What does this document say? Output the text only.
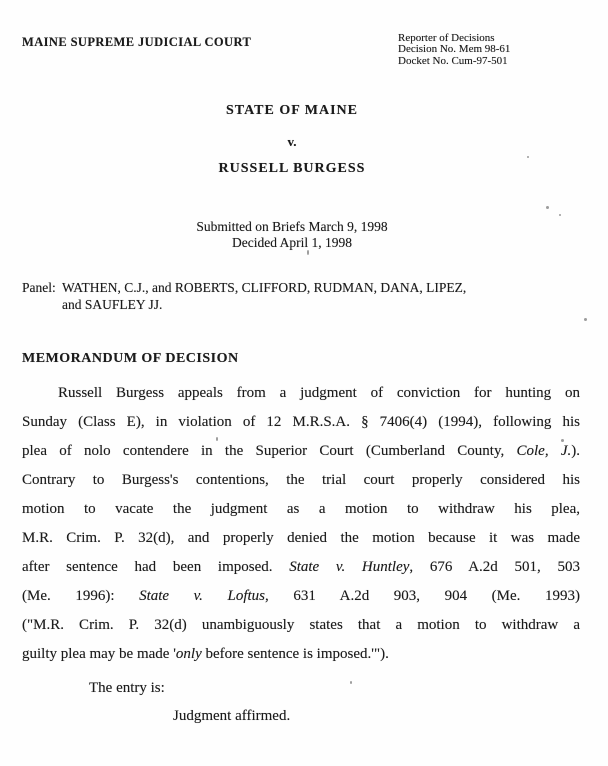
MAINE SUPREME JUDICIAL COURT	Reporter of Decisions
Decision No. Mem 98-61
Docket No. Cum-97-501
STATE OF MAINE
v.
RUSSELL BURGESS
Submitted on Briefs March 9, 1998
Decided April 1, 1998
Panel: WATHEN, C.J., and ROBERTS, CLIFFORD, RUDMAN, DANA, LIPEZ,
and SAUFLEY JJ.
MEMORANDUM OF DECISION
Russell Burgess appeals from a judgment of conviction for hunting on
Sunday (Class E), in violation of 12 M.R.S.A. § 7406(4) (1994), following his
plea of nolo contendere in the Superior Court (Cumberland County, Cole, J.).
Contrary to Burgess's contentions, the trial court properly considered his
motion to vacate the judgment as a motion to withdraw his plea,
M.R. Crim. P. 32(d), and properly denied the motion because it was made
after sentence had been imposed. State v. Huntley, 676 A.2d 501, 503
(Me. 1996): State v. Loftus, 631 A.2d 903, 904 (Me. 1993)
("M.R. Crim. P. 32(d) unambiguously states that a motion to withdraw a
guilty plea may be made 'only before sentence is imposed.'").
The entry is:
Judgment affirmed.
